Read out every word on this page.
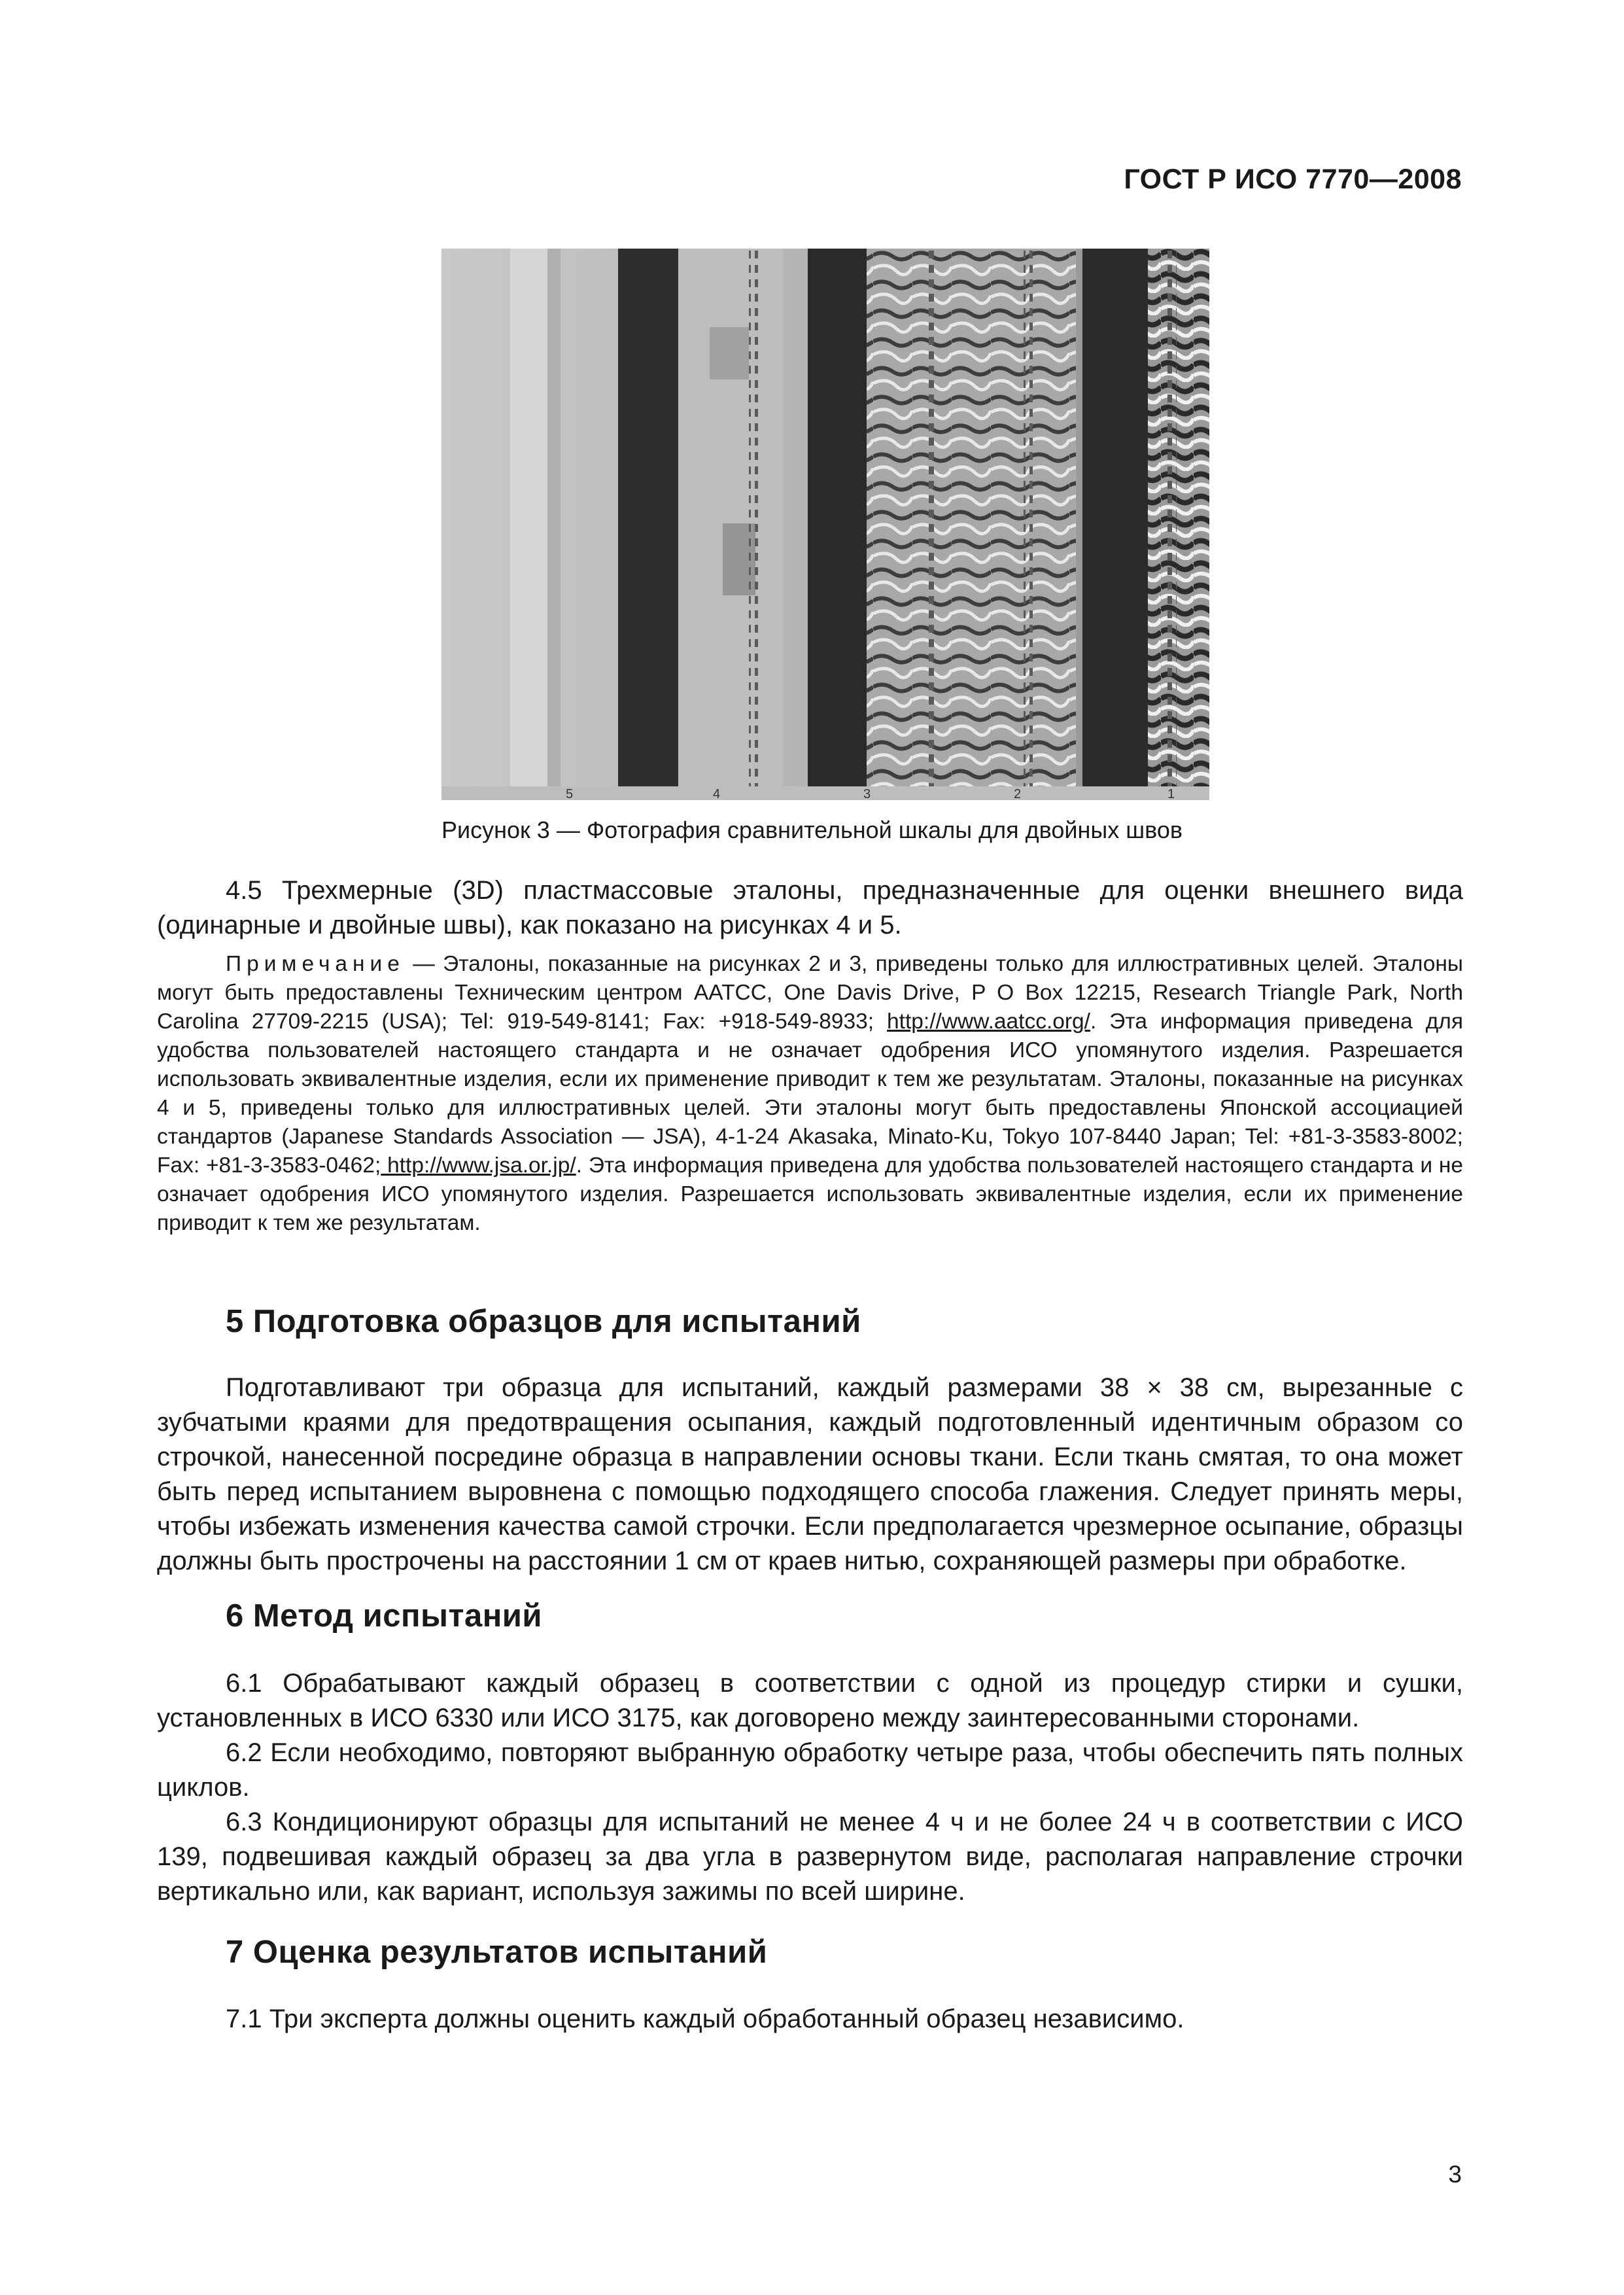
ГОСТ Р ИСО 7770—2008
5	4	3	2	1
Рисунок 3 — Фотография сравнительной шкалы для двойных швов

4.5 Трехмерные (3D) пластмассовые эталоны, предназначенные для оценки внешнего вида (одинарные и двойные швы), как показано на рисунках 4 и 5.

Примечание — Эталоны, показанные на рисунках 2 и 3, приведены только для иллюстративных целей. Эталоны могут быть предоставлены Техническим центром AATCC, One Davis Drive, P O Box 12215, Research Triangle Park, North Carolina 27709-2215 (USA); Tel: 919-549-8141; Fax: +918-549-8933; http://www.aatcc.org/. Эта информация приведена для удобства пользователей настоящего стандарта и не означает одобрения ИСО упомянутого изделия. Разрешается использовать эквивалентные изделия, если их применение приводит к тем же результатам. Эталоны, показанные на рисунках 4 и 5, приведены только для иллюстративных целей. Эти эталоны могут быть предоставлены Японской ассоциацией стандартов (Japanese Standards Association — JSA), 4-1-24 Akasaka, Minato-Ku, Tokyo 107-8440 Japan; Tel: +81-3-3583-8002; Fax: +81-3-3583-0462; http://www.jsa.or.jp/. Эта информация приведена для удобства пользователей настоящего стандарта и не означает одобрения ИСО упомянутого изделия. Разрешается использовать эквивалентные изделия, если их применение приводит к тем же результатам.

5 Подготовка образцов для испытаний

Подготавливают три образца для испытаний, каждый размерами 38 × 38 см, вырезанные с зубчатыми краями для предотвращения осыпания, каждый подготовленный идентичным образом со строчкой, нанесенной посредине образца в направлении основы ткани. Если ткань смятая, то она может быть перед испытанием выровнена с помощью подходящего способа глажения. Следует принять меры, чтобы избежать изменения качества самой строчки. Если предполагается чрезмерное осыпание, образцы должны быть прострочены на расстоянии 1 см от краев нитью, сохраняющей размеры при обработке.

6 Метод испытаний

6.1 Обрабатывают каждый образец в соответствии с одной из процедур стирки и сушки, установленных в ИСО 6330 или ИСО 3175, как договорено между заинтересованными сторонами.

6.2 Если необходимо, повторяют выбранную обработку четыре раза, чтобы обеспечить пять полных циклов.

6.3 Кондиционируют образцы для испытаний не менее 4 ч и не более 24 ч в соответствии с ИСО 139, подвешивая каждый образец за два угла в развернутом виде, располагая направление строчки вертикально или, как вариант, используя зажимы по всей ширине.

7 Оценка результатов испытаний

7.1 Три эксперта должны оценить каждый обработанный образец независимо.

3
